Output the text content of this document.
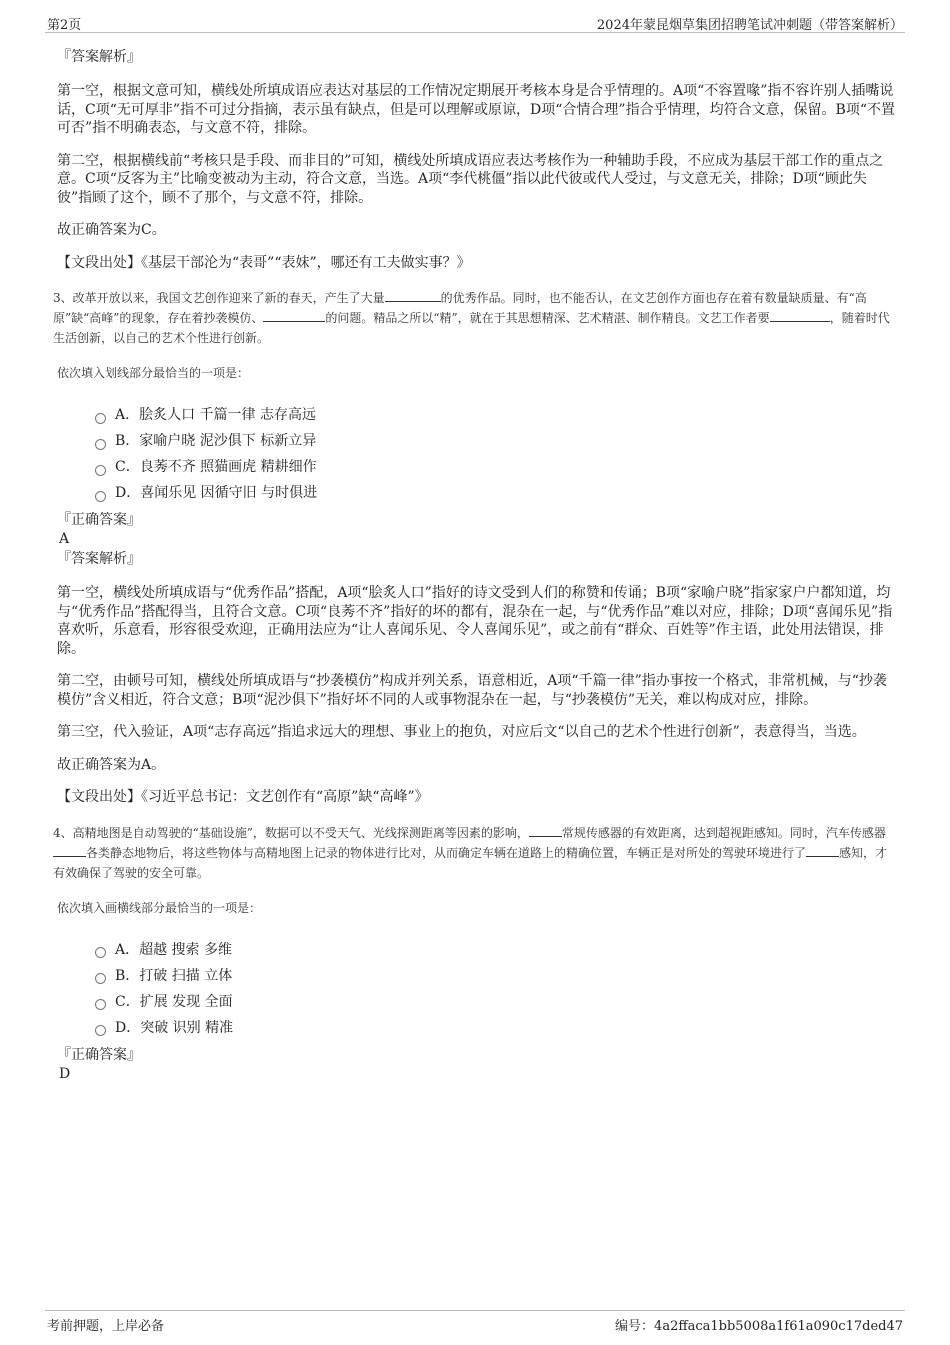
第2页	2024年蒙昆烟草集团招聘笔试冲刺题（带答案解析）

『答案解析』

第一空，根据文意可知，横线处所填成语应表达对基层的工作情况定期展开考核本身是合乎情理的。A项“不容置喙”指不容许别人插嘴说话，C项“无可厚非”指不可过分指摘，表示虽有缺点，但是可以理解或原谅，D项“合情合理”指合乎情理，均符合文意，保留。B项“不置可否”指不明确表态，与文意不符，排除。

第二空，根据横线前“考核只是手段、而非目的”可知，横线处所填成语应表达考核作为一种辅助手段，不应成为基层干部工作的重点之意。C项“反客为主”比喻变被动为主动，符合文意，当选。A项“李代桃僵”指以此代彼或代人受过，与文意无关，排除；D项“顾此失彼”指顾了这个，顾不了那个，与文意不符，排除。

故正确答案为C。

【文段出处】《基层干部沦为“表哥”“表妹”，哪还有工夫做实事？》

3、改革开放以来，我国文艺创作迎来了新的春天，产生了大量	的优秀作品。同时，也不能否认，在文艺创作方面也存在着有数量缺质量、有“高原”缺“高峰”的现象，存在着抄袭模仿、	的问题。精品之所以“精”，就在于其思想精深、艺术精湛、制作精良。文艺工作者要	，随着时代生活创新，以自己的艺术个性进行创新。

依次填入划线部分最恰当的一项是：

A．脍炙人口 千篇一律 志存高远
B．家喻户晓 泥沙俱下 标新立异
C．良莠不齐 照猫画虎 精耕细作
D．喜闻乐见 因循守旧 与时俱进

『正确答案』

A

『答案解析』

第一空，横线处所填成语与“优秀作品”搭配，A项“脍炙人口”指好的诗文受到人们的称赞和传诵；B项“家喻户晓”指家家户户都知道，均与“优秀作品”搭配得当，且符合文意。C项“良莠不齐”指好的坏的都有，混杂在一起，与“优秀作品”难以对应，排除；D项“喜闻乐见”指喜欢听，乐意看，形容很受欢迎，正确用法应为“让人喜闻乐见、令人喜闻乐见”，或之前有“群众、百姓等”作主语，此处用法错误，排除。

第二空，由顿号可知，横线处所填成语与“抄袭模仿”构成并列关系，语意相近，A项“千篇一律”指办事按一个格式，非常机械，与“抄袭模仿”含义相近，符合文意；B项“泥沙俱下”指好坏不同的人或事物混杂在一起，与“抄袭模仿”无关，难以构成对应，排除。

第三空，代入验证，A项“志存高远”指追求远大的理想、事业上的抱负，对应后文“以自己的艺术个性进行创新”，表意得当，当选。

故正确答案为A。

【文段出处】《习近平总书记：文艺创作有“高原”缺“高峰”》

4、高精地图是自动驾驶的“基础设施”，数据可以不受天气、光线探测距离等因素的影响，	常规传感器的有效距离，达到超视距感知。同时，汽车传感器各类静态地物后，将这些物体与高精地图上记录的物体进行比对，从而确定车辆在道路上的精确位置，车辆正是对所处的驾驶环境进行了	感知，才有效确保了驾驶的安全可靠。

依次填入画横线部分最恰当的一项是：

A．超越 搜索 多维
B．打破 扫描 立体
C．扩展 发现 全面
D．突破 识别 精准

『正确答案』

D

考前押题，上岸必备	编号：4a2ffaca1bb5008a1f61a090c17ded47
